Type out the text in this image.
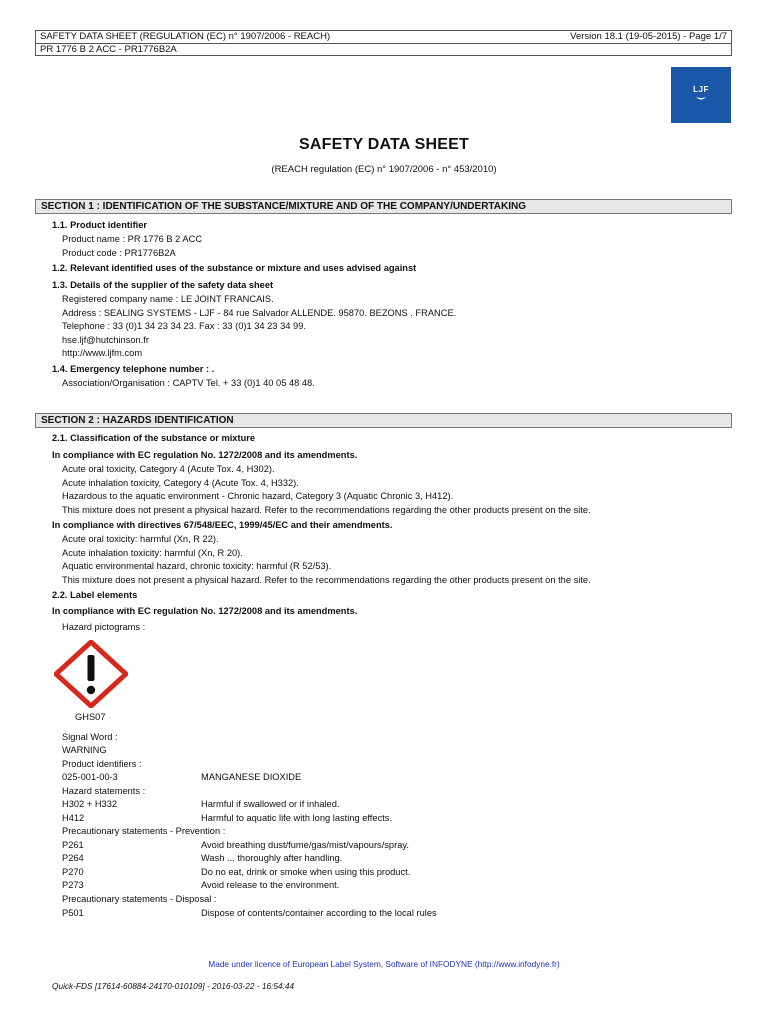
SAFETY DATA SHEET (REGULATION (EC) n° 1907/2006 - REACH)	Version 18.1 (19-05-2015) - Page 1/7
PR 1776 B 2 ACC - PR1776B2A
LJF
SAFETY DATA SHEET
(REACH regulation (EC) n° 1907/2006 - n° 453/2010)
SECTION 1 : IDENTIFICATION OF THE SUBSTANCE/MIXTURE AND OF THE COMPANY/UNDERTAKING
1.1. Product identifier
Product name : PR 1776 B 2 ACC
Product code : PR1776B2A
1.2. Relevant identified uses of the substance or mixture and uses advised against
1.3. Details of the supplier of the safety data sheet
Registered company name : LE JOINT FRANCAIS.
Address : SEALING SYSTEMS - LJF - 84 rue Salvador ALLENDE. 95870. BEZONS . FRANCE.
Telephone : 33 (0)1 34 23 34 23. Fax : 33 (0)1 34 23 34 99.
hse.ljf@hutchinson.fr
http://www.ljfm.com
1.4. Emergency telephone number : .
Association/Organisation : CAPTV Tel. + 33 (0)1 40 05 48 48.
SECTION 2 : HAZARDS IDENTIFICATION
2.1. Classification of the substance or mixture
In compliance with EC regulation No. 1272/2008 and its amendments.
Acute oral toxicity, Category 4 (Acute Tox. 4, H302).
Acute inhalation toxicity, Category 4 (Acute Tox. 4, H332).
Hazardous to the aquatic environment - Chronic hazard, Category 3 (Aquatic Chronic 3, H412).
This mixture does not present a physical hazard. Refer to the recommendations regarding the other products present on the site.
In compliance with directives 67/548/EEC, 1999/45/EC and their amendments.
Acute oral toxicity: harmful (Xn, R 22).
Acute inhalation toxicity: harmful (Xn, R 20).
Aquatic environmental hazard, chronic toxicity: harmful (R 52/53).
This mixture does not present a physical hazard. Refer to the recommendations regarding the other products present on the site.
2.2. Label elements
In compliance with EC regulation No. 1272/2008 and its amendments.
Hazard pictograms :
GHS07
Signal Word :
WARNING
Product identifiers :
025-001-00-3	MANGANESE DIOXIDE
Hazard statements :
H302 + H332	Harmful if swallowed or if inhaled.
H412	Harmful to aquatic life with long lasting effects.
Precautionary statements - Prevention :
P261	Avoid breathing dust/fume/gas/mist/vapours/spray.
P264	Wash ... thoroughly after handling.
P270	Do no eat, drink or smoke when using this product.
P273	Avoid release to the environment.
Precautionary statements - Disposal :
P501	Dispose of contents/container according to the local rules
Made under licence of European Label System, Software of INFODYNE (http://www.infodyne.fr)
Quick-FDS [17614-60884-24170-010109] - 2016-03-22 - 16:54:44
